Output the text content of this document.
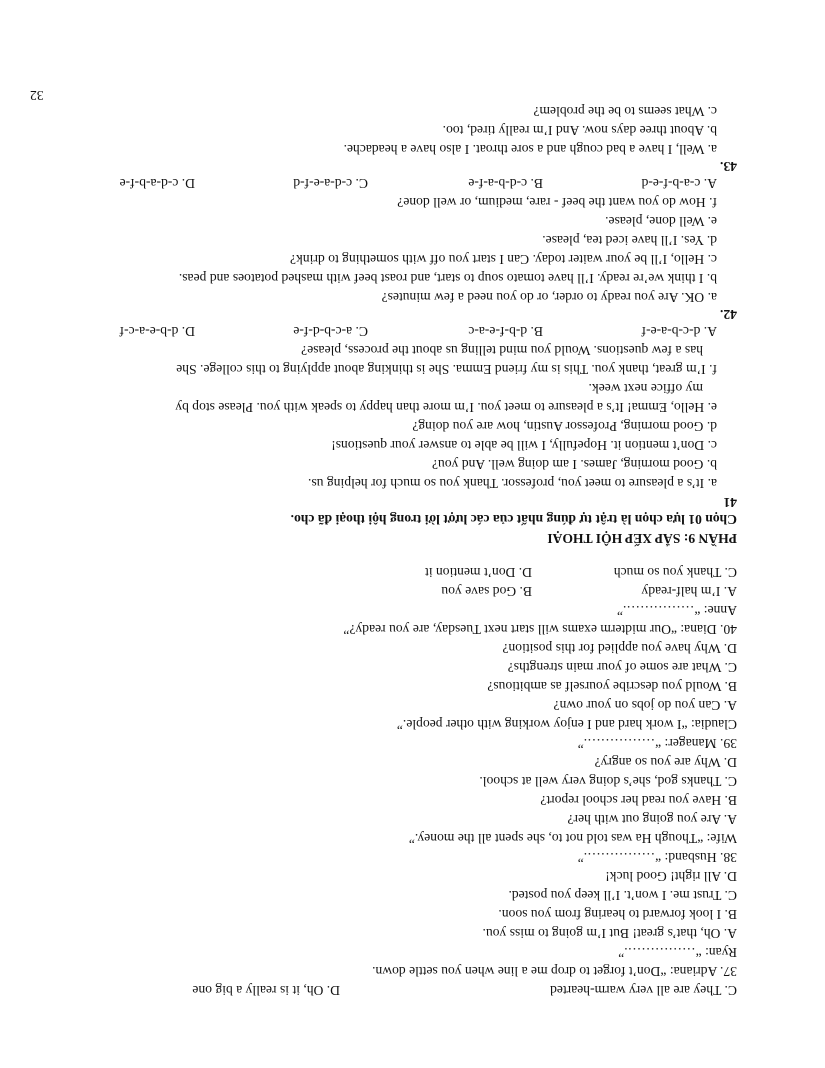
C. They are all very warm-hearted
D. Oh, it is really a big one
37. Adriana: “Don’t forget to drop me a line when you settle down.
Ryan: “…………….”
A. Oh, that’s great! But I’m going to miss you.
B. I look forward to hearing from you soon.
C. Trust me. I won’t. I’ll keep you posted.
D. All right! Good luck!
38. Husband: “…………….”
Wife: “Though Ha was told not to, she spent all the money.”
A. Are you going out with her?
B. Have you read her school report?
C. Thanks god, she’s doing very well at school.
D. Why are you so angry?
39. Manager: “…………….”
Claudia: “I work hard and I enjoy working with other people.”
A. Can you do jobs on your own?
B. Would you describe yourself as ambitious?
C. What are some of your main strengths?
D. Why have you applied for this position?
40. Diana: “Our midterm exams will start next Tuesday, are you ready?”
Anne: “…………….”
A. I’m half-ready
B. God save you
C. Thank you so much
D. Don’t mention it
PHẦN 9: SẮP XẾP HỘI THOẠI
Chọn 01 lựa chọn là trật tự đúng nhất của các lượt lời trong hội thoại đã cho.
41
a. It’s a pleasure to meet you, professor. Thank you so much for helping us.
b. Good morning, James. I am doing well. And you?
c. Don’t mention it. Hopefully, I will be able to answer your questions!
d. Good morning, Professor Austin, how are you doing?
e. Hello, Emma! It’s a pleasure to meet you. I’m more than happy to speak with you. Please stop by
my office next week.
f. I’m great, thank you. This is my friend Emma. She is thinking about applying to this college. She
has a few questions. Would you mind telling us about the process, please?
A. d-c-b-a-e-f
B. d-b-f-e-a-c
C. a-c-b-d-f-e
D. d-b-e-a-c-f
42.
a. OK. Are you ready to order, or do you need a few minutes?
b. I think we’re ready. I’ll have tomato soup to start, and roast beef with mashed potatoes and peas.
c. Hello, I’ll be your waiter today. Can I start you off with something to drink?
d. Yes. I’ll have iced tea, please.
e. Well done, please.
f. How do you want the beef - rare, medium, or well done?
A. c-a-b-f-e-d
B. c-d-b-a-f-e
C. c-d-a-e-f-d
D. c-d-a-b-f-e
43.
a. Well, I have a bad cough and a sore throat. I also have a headache.
b. About three days now. And I’m really tired, too.
c. What seems to be the problem?
32
